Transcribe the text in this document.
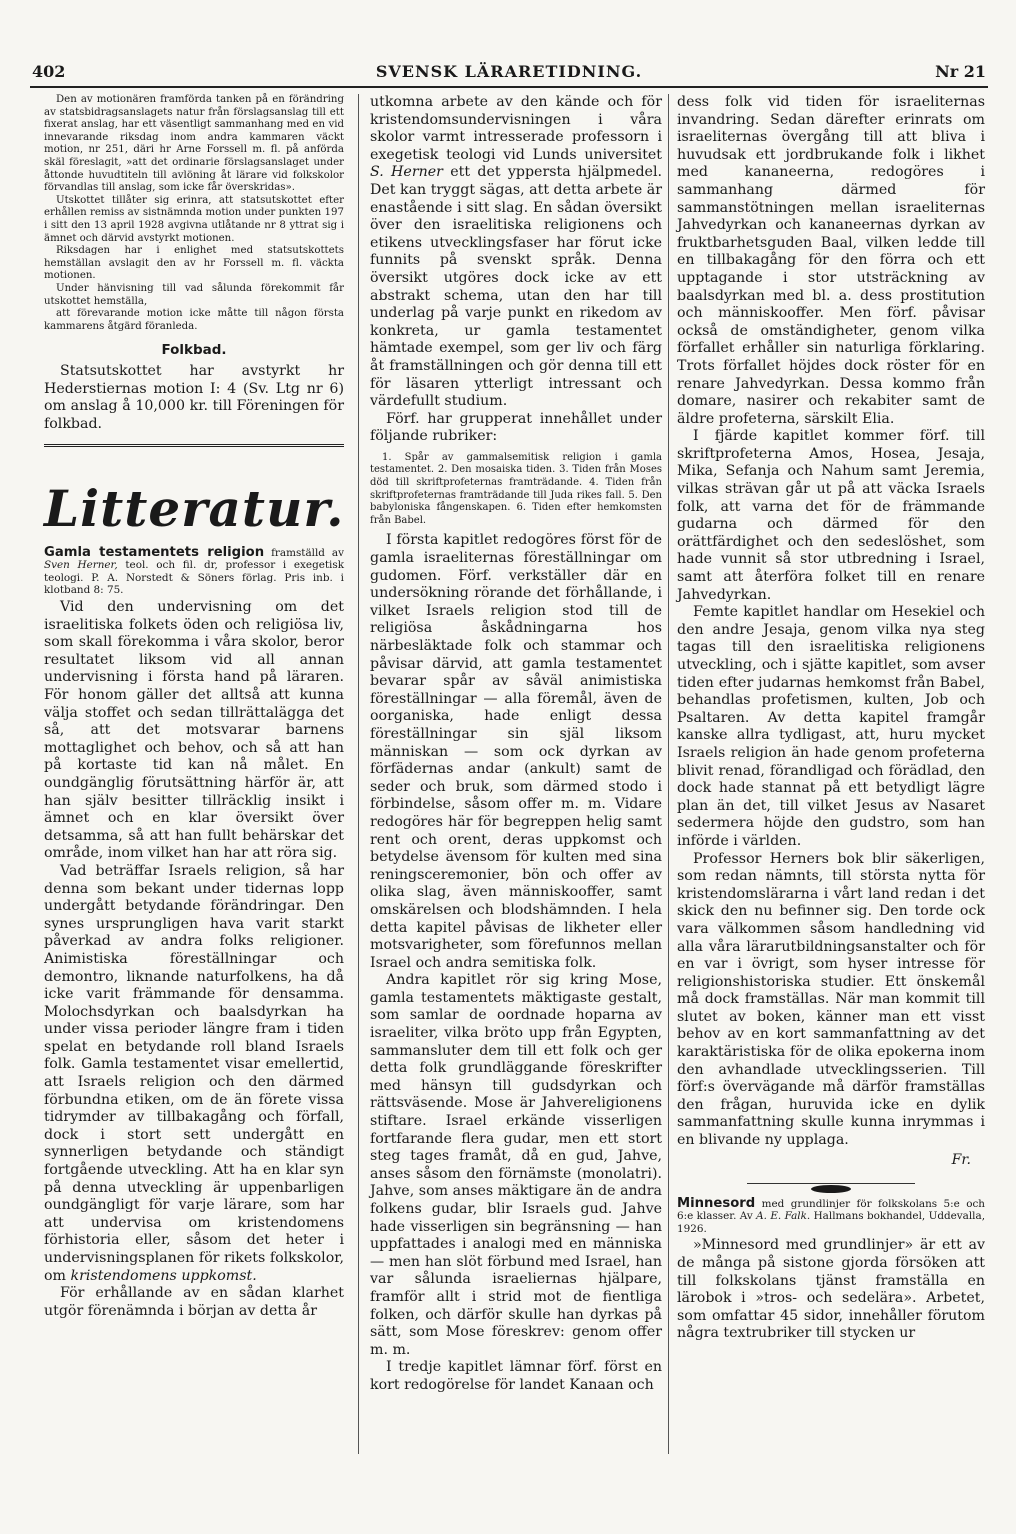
402	SVENSK LÄRARETIDNING.	Nr 21

Den av motionären framförda tanken på en förändring av statsbidragsanslagets natur från förslagsanslag till ett fixerat anslag, har ett väsentligt sammanhang med en vid innevarande riksdag inom andra kammaren väckt motion, nr 251, däri hr Arne Forssell m. fl. på anförda skäl föreslagit, »att det ordinarie förslagsanslaget under åttonde huvudtiteln till avlöning åt lärare vid folkskolor förvandlas till anslag, som icke får överskridas».

Utskottet tillåter sig erinra, att statsutskottet efter erhållen remiss av sistnämnda motion under punkten 197 i sitt den 13 april 1928 avgivna utlåtande nr 8 yttrat sig i ämnet och därvid avstyrkt motionen.

Riksdagen har i enlighet med statsutskottets hemställan avslagit den av hr Forssell m. fl. väckta motionen.

Under hänvisning till vad sålunda förekommit får utskottet hemställa,

att förevarande motion icke måtte till någon första kammarens åtgärd föranleda.

Folkbad.

Statsutskottet har avstyrkt hr Hederstiernas motion I: 4 (Sv. Ltg nr 6) om anslag å 10,000 kr. till Föreningen för folkbad.

Litteratur.

Gamla testamentets religion framställd av Sven Herner, teol. och fil. dr, professor i exegetisk teologi. P. A. Norstedt & Söners förlag. Pris inb. i klotband 8: 75.

Vid den undervisning om det israelitiska folkets öden och religiösa liv, som skall förekomma i våra skolor, beror resultatet liksom vid all annan undervisning i första hand på läraren. För honom gäller det alltså att kunna välja stoffet och sedan tillrättalägga det så, att det motsvarar barnens mottaglighet och behov, och så att han på kortaste tid kan nå målet. En oundgänglig förutsättning härför är, att han själv besitter tillräcklig insikt i ämnet och en klar översikt över detsamma, så att han fullt behärskar det område, inom vilket han har att röra sig.

Vad beträffar Israels religion, så har denna som bekant under tidernas lopp undergått betydande förändringar. Den synes ursprungligen hava varit starkt påverkad av andra folks religioner. Animistiska föreställningar och demontro, liknande naturfolkens, ha då icke varit främmande för densamma. Molochsdyrkan och baalsdyrkan ha under vissa perioder längre fram i tiden spelat en betydande roll bland Israels folk. Gamla testamentet visar emellertid, att Israels religion och den därmed förbundna etiken, om de än förete vissa tidrymder av tillbakagång och förfall, dock i stort sett undergått en synnerligen betydande och ständigt fortgående utveckling. Att ha en klar syn på denna utveckling är uppenbarligen oundgängligt för varje lärare, som har att undervisa om kristendomens förhistoria eller, såsom det heter i undervisningsplanen för rikets folkskolor, om kristendomens uppkomst.

För erhållande av en sådan klarhet utgör förenämnda i början av detta år

utkomna arbete av den kände och för kristendomsundervisningen i våra skolor varmt intresserade professorn i exegetisk teologi vid Lunds universitet S. Herner ett det yppersta hjälpmedel. Det kan tryggt sägas, att detta arbete är enastående i sitt slag. En sådan översikt över den israelitiska religionens och etikens utvecklingsfaser har förut icke funnits på svenskt språk. Denna översikt utgöres dock icke av ett abstrakt schema, utan den har till underlag på varje punkt en rikedom av konkreta, ur gamla testamentet hämtade exempel, som ger liv och färg åt framställningen och gör denna till ett för läsaren ytterligt intressant och värdefullt studium.

Förf. har grupperat innehållet under följande rubriker:

1. Spår av gammalsemitisk religion i gamla testamentet. 2. Den mosaiska tiden. 3. Tiden från Moses död till skriftprofeternas framträdande. 4. Tiden från skriftprofeternas framträdande till Juda rikes fall. 5. Den babyloniska fångenskapen. 6. Tiden efter hemkomsten från Babel.

I första kapitlet redogöres först för de gamla israeliternas föreställningar om gudomen. Förf. verkställer där en undersökning rörande det förhållande, i vilket Israels religion stod till de religiösa åskådningarna hos närbesläktade folk och stammar och påvisar därvid, att gamla testamentet bevarar spår av såväl animistiska föreställningar — alla föremål, även de oorganiska, hade enligt dessa föreställningar sin själ liksom människan — som ock dyrkan av förfädernas andar (ankult) samt de seder och bruk, som därmed stodo i förbindelse, såsom offer m. m. Vidare redogöres här för begreppen helig samt rent och orent, deras uppkomst och betydelse ävensom för kulten med sina reningsceremonier, bön och offer av olika slag, även människooffer, samt omskärelsen och blodshämnden. I hela detta kapitel påvisas de likheter eller motsvarigheter, som förefunnos mellan Israel och andra semitiska folk.

Andra kapitlet rör sig kring Mose, gamla testamentets mäktigaste gestalt, som samlar de oordnade hoparna av israeliter, vilka bröto upp från Egypten, sammansluter dem till ett folk och ger detta folk grundläggande föreskrifter med hänsyn till gudsdyrkan och rättsväsende. Mose är Jahvereligionens stiftare. Israel erkände visserligen fortfarande flera gudar, men ett stort steg tages framåt, då en gud, Jahve, anses såsom den förnämste (monolatri). Jahve, som anses mäktigare än de andra folkens gudar, blir Israels gud. Jahve hade visserligen sin begränsning — han uppfattades i analogi med en människa — men han slöt förbund med Israel, han var sålunda israeliernas hjälpare, framför allt i strid mot de fientliga folken, och därför skulle han dyrkas på sätt, som Mose föreskrev: genom offer m. m.

I tredje kapitlet lämnar förf. först en kort redogörelse för landet Kanaan och

dess folk vid tiden för israeliternas invandring. Sedan därefter erinrats om israeliternas övergång till att bliva i huvudsak ett jordbrukande folk i likhet med kananeerna, redogöres i sammanhang därmed för sammanstötningen mellan israeliternas Jahvedyrkan och kananeernas dyrkan av fruktbarhetsguden Baal, vilken ledde till en tillbakagång för den förra och ett upptagande i stor utsträckning av baalsdyrkan med bl. a. dess prostitution och människooffer. Men förf. påvisar också de omständigheter, genom vilka förfallet erhåller sin naturliga förklaring. Trots förfallet höjdes dock röster för en renare Jahvedyrkan. Dessa kommo från domare, nasirer och rekabiter samt de äldre profeterna, särskilt Elia.

I fjärde kapitlet kommer förf. till skriftprofeterna Amos, Hosea, Jesaja, Mika, Sefanja och Nahum samt Jeremia, vilkas strävan går ut på att väcka Israels folk, att varna det för de främmande gudarna och därmed för den orättfärdighet och den sedeslöshet, som hade vunnit så stor utbredning i Israel, samt att återföra folket till en renare Jahvedyrkan.

Femte kapitlet handlar om Hesekiel och den andre Jesaja, genom vilka nya steg tagas till den israelitiska religionens utveckling, och i sjätte kapitlet, som avser tiden efter judarnas hemkomst från Babel, behandlas profetismen, kulten, Job och Psaltaren. Av detta kapitel framgår kanske allra tydligast, att, huru mycket Israels religion än hade genom profeterna blivit renad, förandligad och förädlad, den dock hade stannat på ett betydligt lägre plan än det, till vilket Jesus av Nasaret sedermera höjde den gudstro, som han införde i världen.

Professor Herners bok blir säkerligen, som redan nämnts, till största nytta för kristendomslärarna i vårt land redan i det skick den nu befinner sig. Den torde ock vara välkommen såsom handledning vid alla våra lärarutbildningsanstalter och för en var i övrigt, som hyser intresse för religionshistoriska studier. Ett önskemål må dock framställas. När man kommit till slutet av boken, känner man ett visst behov av en kort sammanfattning av det karaktäristiska för de olika epokerna inom den avhandlade utvecklingsserien. Till förf:s övervägande må därför framställas den frågan, huruvida icke en dylik sammanfattning skulle kunna inrymmas i en blivande ny upplaga.

Fr.

Minnesord med grundlinjer för folkskolans 5:e och 6:e klasser. Av A. E. Falk. Hallmans bokhandel, Uddevalla, 1926.

»Minnesord med grundlinjer» är ett av de många på sistone gjorda försöken att till folkskolans tjänst framställa en lärobok i »tros- och sedelära». Arbetet, som omfattar 45 sidor, innehåller förutom några textrubriker till stycken ur
